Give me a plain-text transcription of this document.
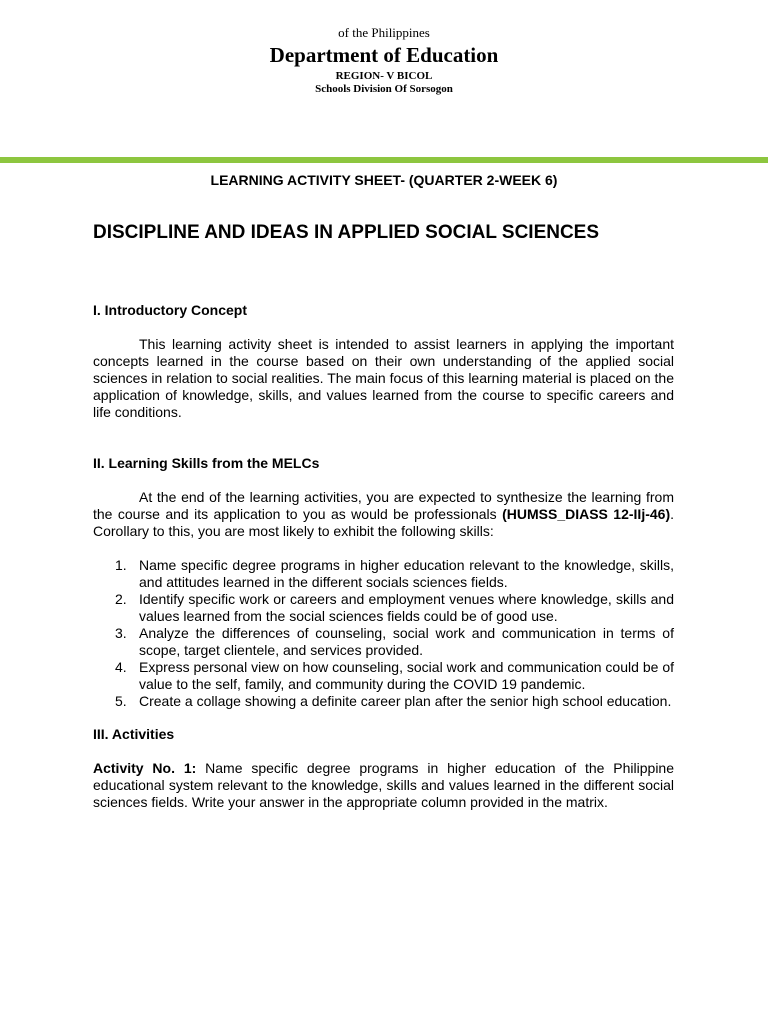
of the Philippines
Department of Education
REGION- V BICOL
Schools Division Of Sorsogon
LEARNING ACTIVITY SHEET- (QUARTER 2-WEEK 6)
DISCIPLINE AND IDEAS IN APPLIED SOCIAL SCIENCES
I. Introductory Concept

This learning activity sheet is intended to assist learners in applying the important concepts learned in the course based on their own understanding of the applied social sciences in relation to social realities. The main focus of this learning material is placed on the application of knowledge, skills, and values learned from the course to specific careers and life conditions.

II. Learning Skills from the MELCs

At the end of the learning activities, you are expected to synthesize the learning from the course and its application to you as would be professionals (HUMSS_DIASS 12-IIj-46). Corollary to this, you are most likely to exhibit the following skills:

1. Name specific degree programs in higher education relevant to the knowledge, skills, and attitudes learned in the different socials sciences fields.
2. Identify specific work or careers and employment venues where knowledge, skills and values learned from the social sciences fields could be of good use.
3. Analyze the differences of counseling, social work and communication in terms of scope, target clientele, and services provided.
4. Express personal view on how counseling, social work and communication could be of value to the self, family, and community during the COVID 19 pandemic.
5. Create a collage showing a definite career plan after the senior high school education.
III. Activities

Activity No. 1: Name specific degree programs in higher education of the Philippine educational system relevant to the knowledge, skills and values learned in the different social sciences fields. Write your answer in the appropriate column provided in the matrix.
